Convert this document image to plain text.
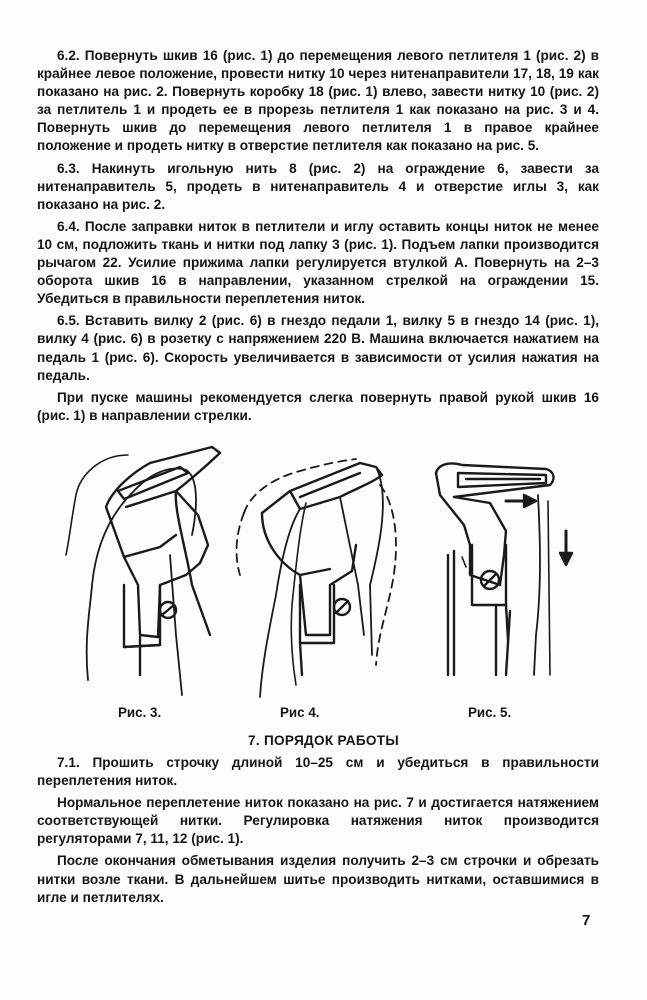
6.2. Повернуть шкив 16 (рис. 1) до перемещения левого петлителя 1 (рис. 2) в крайнее левое положение, провести нитку 10 через нитенаправители 17, 18, 19 как показано на рис. 2. Повернуть коробку 18 (рис. 1) влево, завести нитку 10 (рис. 2) за петлитель 1 и продеть ее в прорезь петлителя 1 как показано на рис. 3 и 4. Повернуть шкив до перемещения левого петлителя 1 в правое крайнее положение и продеть нитку в отверстие петлителя как показано на рис. 5.

6.3. Накинуть игольную нить 8 (рис. 2) на ограждение 6, завести за нитенаправитель 5, продеть в нитенаправитель 4 и отверстие иглы 3, как показано на рис. 2.

6.4. После заправки ниток в петлители и иглу оставить концы ниток не менее 10 см, подложить ткань и нитки под лапку 3 (рис. 1). Подъем лапки производится рычагом 22. Усилие прижима лапки регулируется втулкой А. Повернуть на 2–3 оборота шкив 16 в направлении, указанном стрелкой на ограждении 15. Убедиться в правильности переплетения ниток.

6.5. Вставить вилку 2 (рис. 6) в гнездо педали 1, вилку 5 в гнездо 14 (рис. 1), вилку 4 (рис. 6) в розетку с напряжением 220 В. Машина включается нажатием на педаль 1 (рис. 6). Скорость увеличивается в зависимости от усилия нажатия на педаль.

При пуске машины рекомендуется слегка повернуть правой рукой шкив 16 (рис. 1) в направлении стрелки.

Рис. 3.	Рис 4.	Рис. 5.
7. ПОРЯДОК РАБОТЫ

7.1. Прошить строчку длиной 10–25 см и убедиться в правильности переплетения ниток.

Нормальное переплетение ниток показано на рис. 7 и достигается натяжением соответствующей нитки. Регулировка натяжения ниток производится регуляторами 7, 11, 12 (рис. 1).

После окончания обметывания изделия получить 2–3 см строчки и обрезать нитки возле ткани. В дальнейшем шитье производить нитками, оставшимися в игле и петлителях.

7
